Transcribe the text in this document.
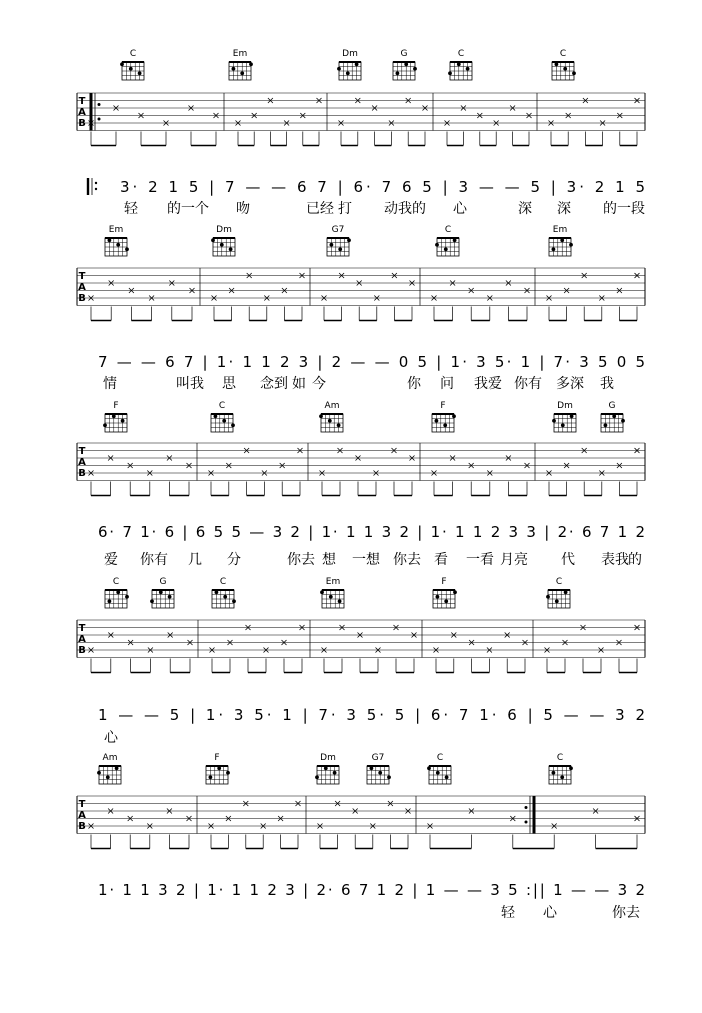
C	Em	Dm	G	C	C
Em	Dm	G7	C	Em
F	C	Am	F	Dm	G
C	G	C	Em	F	C
Am	F	Dm	G7	C	C
T
A
B
T
A
B
T
A
B
T
A
B
T
A
B
3· 2 1 5 | 7 — — 6 7 | 6· 7 6 5 | 3 — — 5 | 3· 2 1 5
轻 的一个 吻	已经 打 动我的 心	深 深 的一段
7 — — 6 7 | 1· 1 1 2 3 | 2 — — 0 5 | 1· 3 5· 1 | 7· 3 5 0 5
情	叫我 思 念到 如 今	你 问 我爱 你有 多深 我
6· 7 1· 6 | 6 5 5 — 3 2 | 1· 1 1 3 2 | 1· 1 1 2 3 3 | 2· 6 7 1 2
爱 你有 几 分	你去 想 一想 你去 看 一看 月亮 代 表我 的
1 — — 5 | 1· 3 5· 1 | 7· 3 5· 5 | 6· 7 1· 6 | 5 — — 3 2
心
1· 1 1 3 2 | 1· 1 1 2 3 | 2· 6 7 1 2 | 1 — — 3 5 :|| 1 — — 3 2
轻 心	你去
